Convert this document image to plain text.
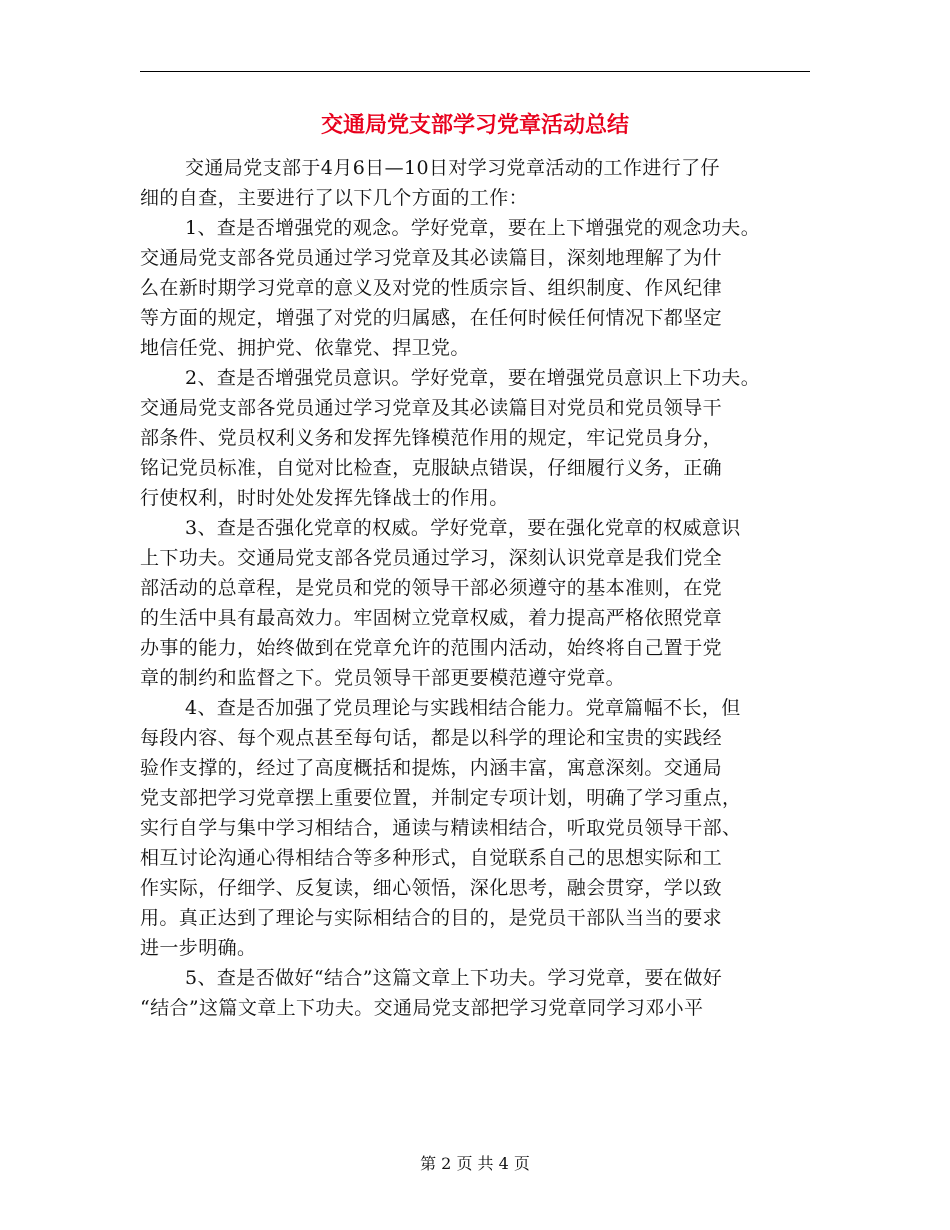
交通局党支部学习党章活动总结
交通局党支部于4月6日—10日对学习党章活动的工作进行了仔
细的自查，主要进行了以下几个方面的工作：
1、查是否增强党的观念。学好党章，要在上下增强党的观念功夫。
交通局党支部各党员通过学习党章及其必读篇目，深刻地理解了为什
么在新时期学习党章的意义及对党的性质宗旨、组织制度、作风纪律
等方面的规定，增强了对党的归属感，在任何时候任何情况下都坚定
地信任党、拥护党、依靠党、捍卫党。
2、查是否增强党员意识。学好党章，要在增强党员意识上下功夫。
交通局党支部各党员通过学习党章及其必读篇目对党员和党员领导干
部条件、党员权利义务和发挥先锋模范作用的规定，牢记党员身分，
铭记党员标准，自觉对比检查，克服缺点错误，仔细履行义务，正确
行使权利，时时处处发挥先锋战士的作用。
3、查是否强化党章的权威。学好党章，要在强化党章的权威意识
上下功夫。交通局党支部各党员通过学习，深刻认识党章是我们党全
部活动的总章程，是党员和党的领导干部必须遵守的基本准则，在党
的生活中具有最高效力。牢固树立党章权威，着力提高严格依照党章
办事的能力，始终做到在党章允许的范围内活动，始终将自己置于党
章的制约和监督之下。党员领导干部更要模范遵守党章。
4、查是否加强了党员理论与实践相结合能力。党章篇幅不长，但
每段内容、每个观点甚至每句话，都是以科学的理论和宝贵的实践经
验作支撑的，经过了高度概括和提炼，内涵丰富，寓意深刻。交通局
党支部把学习党章摆上重要位置，并制定专项计划，明确了学习重点，
实行自学与集中学习相结合，通读与精读相结合，听取党员领导干部、
相互讨论沟通心得相结合等多种形式，自觉联系自己的思想实际和工
作实际，仔细学、反复读，细心领悟，深化思考，融会贯穿，学以致
用。真正达到了理论与实际相结合的目的，是党员干部队当当的要求
进一步明确。
5、查是否做好“结合”这篇文章上下功夫。学习党章，要在做好
“结合”这篇文章上下功夫。交通局党支部把学习党章同学习邓小平
第 2 页 共 4 页
